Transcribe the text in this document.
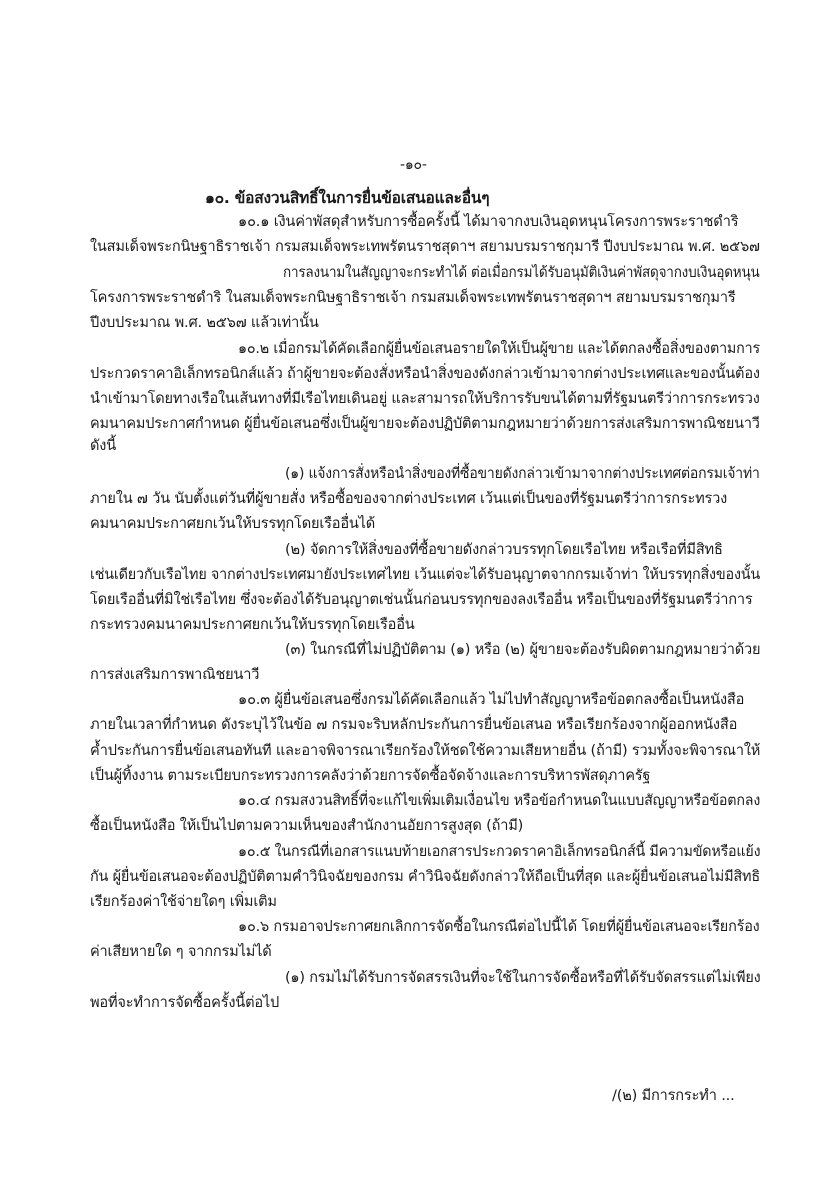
-๑๐-
๑๐. ข้อสงวนสิทธิ์ในการยื่นข้อเสนอและอื่นๆ
๑๐.๑ เงินค่าพัสดุสำหรับการซื้อครั้งนี้ ได้มาจากงบเงินอุดหนุนโครงการพระราชดำริ
ในสมเด็จพระกนิษฐาธิราชเจ้า กรมสมเด็จพระเทพรัตนราชสุดาฯ สยามบรมราชกุมารี ปีงบประมาณ พ.ศ. ๒๕๖๗
การลงนามในสัญญาจะกระทำได้ ต่อเมื่อกรมได้รับอนุมัติเงินค่าพัสดุจากงบเงินอุดหนุน
โครงการพระราชดำริ ในสมเด็จพระกนิษฐาธิราชเจ้า กรมสมเด็จพระเทพรัตนราชสุดาฯ สยามบรมราชกุมารี
ปีงบประมาณ พ.ศ. ๒๕๖๗ แล้วเท่านั้น
๑๐.๒ เมื่อกรมได้คัดเลือกผู้ยื่นข้อเสนอรายใดให้เป็นผู้ขาย และได้ตกลงซื้อสิ่งของตามการ
ประกวดราคาอิเล็กทรอนิกส์แล้ว ถ้าผู้ขายจะต้องสั่งหรือนำสิ่งของดังกล่าวเข้ามาจากต่างประเทศและของนั้นต้อง
นำเข้ามาโดยทางเรือในเส้นทางที่มีเรือไทยเดินอยู่ และสามารถให้บริการรับขนได้ตามที่รัฐมนตรีว่าการกระทรวง
คมนาคมประกาศกำหนด ผู้ยื่นข้อเสนอซึ่งเป็นผู้ขายจะต้องปฏิบัติตามกฎหมายว่าด้วยการส่งเสริมการพาณิชยนาวี
ดังนี้
(๑) แจ้งการสั่งหรือนำสิ่งของที่ซื้อขายดังกล่าวเข้ามาจากต่างประเทศต่อกรมเจ้าท่า
ภายใน ๗ วัน นับตั้งแต่วันที่ผู้ขายสั่ง หรือซื้อของจากต่างประเทศ เว้นแต่เป็นของที่รัฐมนตรีว่าการกระทรวง
คมนาคมประกาศยกเว้นให้บรรทุกโดยเรืออื่นได้
(๒) จัดการให้สิ่งของที่ซื้อขายดังกล่าวบรรทุกโดยเรือไทย หรือเรือที่มีสิทธิ
เช่นเดียวกับเรือไทย จากต่างประเทศมายังประเทศไทย เว้นแต่จะได้รับอนุญาตจากกรมเจ้าท่า ให้บรรทุกสิ่งของนั้น
โดยเรืออื่นที่มิใช่เรือไทย ซึ่งจะต้องได้รับอนุญาตเช่นนั้นก่อนบรรทุกของลงเรืออื่น หรือเป็นของที่รัฐมนตรีว่าการ
กระทรวงคมนาคมประกาศยกเว้นให้บรรทุกโดยเรืออื่น
(๓) ในกรณีที่ไม่ปฏิบัติตาม (๑) หรือ (๒) ผู้ขายจะต้องรับผิดตามกฎหมายว่าด้วย
การส่งเสริมการพาณิชยนาวี
๑๐.๓ ผู้ยื่นข้อเสนอซึ่งกรมได้คัดเลือกแล้ว ไม่ไปทำสัญญาหรือข้อตกลงซื้อเป็นหนังสือ
ภายในเวลาที่กำหนด ดังระบุไว้ในข้อ ๗ กรมจะริบหลักประกันการยื่นข้อเสนอ หรือเรียกร้องจากผู้ออกหนังสือ
ค้ำประกันการยื่นข้อเสนอทันที และอาจพิจารณาเรียกร้องให้ชดใช้ความเสียหายอื่น (ถ้ามี) รวมทั้งจะพิจารณาให้
เป็นผู้ทิ้งงาน ตามระเบียบกระทรวงการคลังว่าด้วยการจัดซื้อจัดจ้างและการบริหารพัสดุภาครัฐ
๑๐.๔ กรมสงวนสิทธิ์ที่จะแก้ไขเพิ่มเติมเงื่อนไข หรือข้อกำหนดในแบบสัญญาหรือข้อตกลง
ซื้อเป็นหนังสือ ให้เป็นไปตามความเห็นของสำนักงานอัยการสูงสุด (ถ้ามี)
๑๐.๕ ในกรณีที่เอกสารแนบท้ายเอกสารประกวดราคาอิเล็กทรอนิกส์นี้ มีความขัดหรือแย้ง
กัน ผู้ยื่นข้อเสนอจะต้องปฏิบัติตามคำวินิจฉัยของกรม คำวินิจฉัยดังกล่าวให้ถือเป็นที่สุด และผู้ยื่นข้อเสนอไม่มีสิทธิ
เรียกร้องค่าใช้จ่ายใดๆ เพิ่มเติม
๑๐.๖ กรมอาจประกาศยกเลิกการจัดซื้อในกรณีต่อไปนี้ได้ โดยที่ผู้ยื่นข้อเสนอจะเรียกร้อง
ค่าเสียหายใด ๆ จากกรมไม่ได้
(๑) กรมไม่ได้รับการจัดสรรเงินที่จะใช้ในการจัดซื้อหรือที่ได้รับจัดสรรแต่ไม่เพียง
พอที่จะทำการจัดซื้อครั้งนี้ต่อไป
/(๒) มีการกระทำ ...
